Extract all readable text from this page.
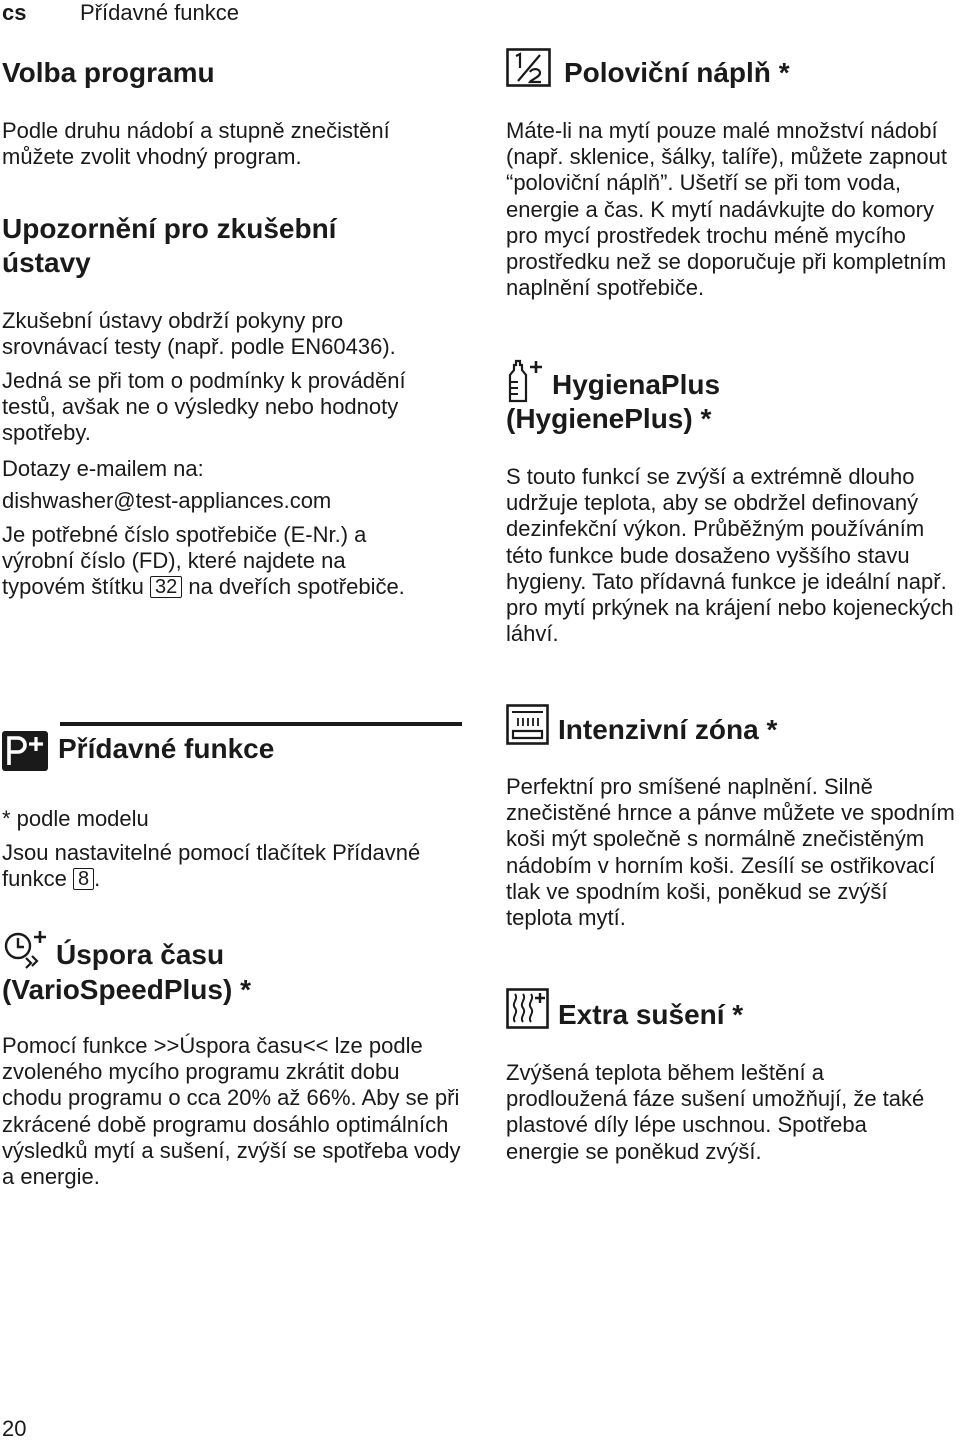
cs Přídavné funkce
Volba programu

Podle druhu nádobí a stupně znečistění můžete zvolit vhodný program.

Upozornění pro zkušební ústavy

Zkušební ústavy obdrží pokyny pro srovnávací testy (např. podle EN60436).

Jedná se při tom o podmínky k provádění testů, avšak ne o výsledky nebo hodnoty spotřeby.

Dotazy e-mailem na:

dishwasher@test-appliances.com

Je potřebné číslo spotřebiče (E-Nr.) a výrobní číslo (FD), které najdete na typovém štítku 32 na dveřích spotřebiče.

Přídavné funkce

* podle modelu

Jsou nastavitelné pomocí tlačítek Přídavné funkce 8 .

Úspora času
(VarioSpeedPlus) *

Pomocí funkce >>Úspora času<< lze podle zvoleného mycího programu zkrátit dobu chodu programu o cca 20% až 66%. Aby se při zkrácené době programu dosáhlo optimálních výsledků mytí a sušení, zvýší se spotřeba vody a energie.

Poloviční náplň *

Máte-li na mytí pouze malé množství nádobí (např. sklenice, šálky, talíře), můžete zapnout “poloviční náplň”. Ušetří se při tom voda, energie a čas. K mytí nadávkujte do komory pro mycí prostředek trochu méně mycího prostředku než se doporučuje při kompletním naplnění spotřebiče.

HygienaPlus
(HygienePlus) *

S touto funkcí se zvýší a extrémně dlouho udržuje teplota, aby se obdržel definovaný dezinfekční výkon. Průběžným používáním této funkce bude dosaženo vyššího stavu hygieny. Tato přídavná funkce je ideální např. pro mytí prkýnek na krájení nebo kojeneckých láhví.

Intenzivní zóna *

Perfektní pro smíšené naplnění. Silně znečistěné hrnce a pánve můžete ve spodním koši mýt společně s normálně znečistěným nádobím v horním koši. Zesílí se ostřikovací tlak ve spodním koši, poněkud se zvýší teplota mytí.

Extra sušení *

Zvýšená teplota během leštění a prodloužená fáze sušení umožňují, že také plastové díly lépe uschnou. Spotřeba energie se poněkud zvýší.

20
